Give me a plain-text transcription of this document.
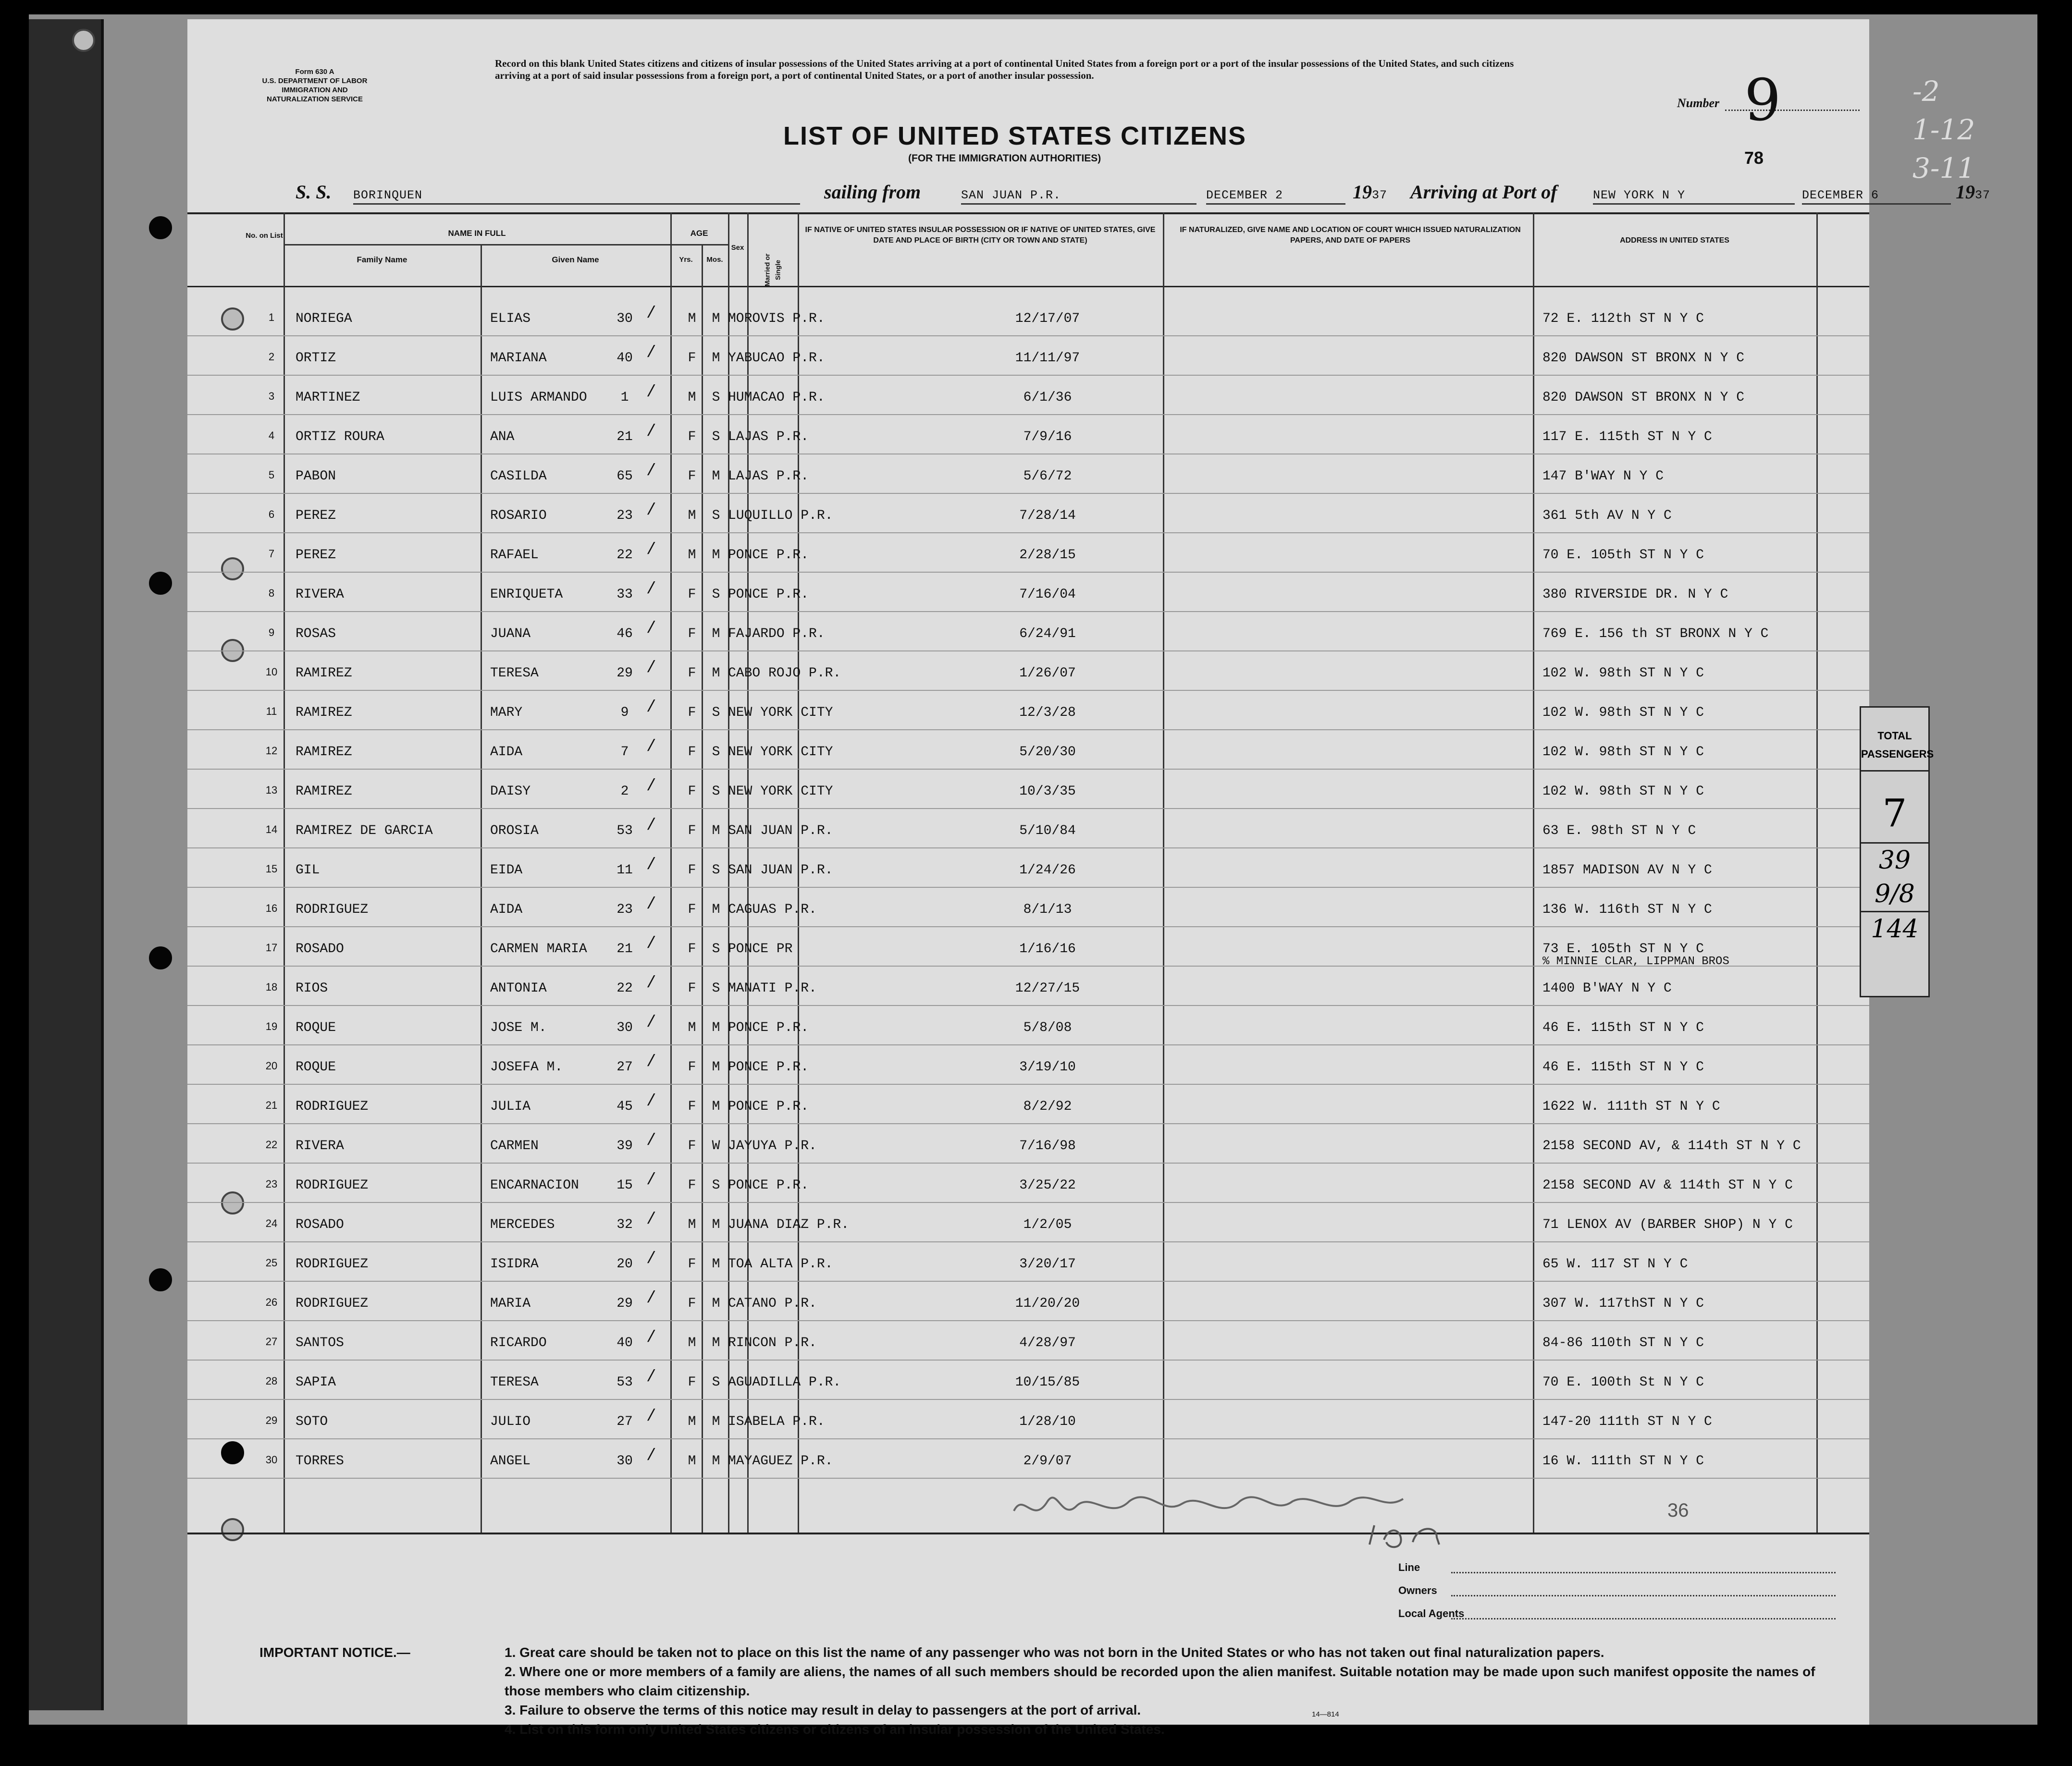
-2
1-12
3-11
Form 630 A
U.S. DEPARTMENT OF LABOR
IMMIGRATION AND
NATURALIZATION SERVICE
Record on this blank United States citizens and citizens of insular possessions of the United States arriving at a port of continental United States from a foreign port or a port of the insular possessions of the United States, and such citizens arriving at a port of said insular possessions from a foreign port, a port of continental United States, or a port of another insular possession.
Number 9
LIST OF UNITED STATES CITIZENS
(FOR THE IMMIGRATION AUTHORITIES)	78
S. S. BORINQUEN	sailing from	SAN JUAN P.R.	DECEMBER 2	1937 Arriving at Port of	NEW YORK N Y	DECEMBER 6	1937
No. on List	NAME IN FULL
Family Name	Given Name
AGE
Yrs.	Mos.
Sex
Married or Single
IF NATIVE OF UNITED STATES INSULAR POSSESSION OR IF NATIVE OF UNITED STATES, GIVE DATE AND PLACE OF BIRTH (CITY OR TOWN AND STATE)
IF NATURALIZED, GIVE NAME AND LOCATION OF COURT WHICH ISSUED NATURALIZATION PAPERS, AND DATE OF PAPERS	ADDRESS IN UNITED STATES
1	NORIEGA	ELIAS	30	M	M MOROVIS P.R.	12/17/07	72 E. 112th ST N Y C
/
2	ORTIZ	MARIANA	40	F	M YABUCAO P.R.	11/11/97	820 DAWSON ST BRONX N Y C
/
3	MARTINEZ	LUIS ARMANDO	1	M	S HUMACAO P.R.	6/1/36	820 DAWSON ST BRONX N Y C
/
4	ORTIZ ROURA	ANA	21	F	S LAJAS P.R.	7/9/16	117 E. 115th ST N Y C
/
5	PABON	CASILDA	65	F	M LAJAS P.R.	5/6/72	147 B'WAY N Y C
/
6	PEREZ	ROSARIO	23	M	S LUQUILLO P.R.	7/28/14	361 5th AV N Y C
/
7	PEREZ	RAFAEL	22	M	M PONCE P.R.	2/28/15	70 E. 105th ST N Y C
/
8	RIVERA	ENRIQUETA	33	F	S PONCE P.R.	7/16/04	380 RIVERSIDE DR. N Y C
/
9	ROSAS	JUANA	46	F	M FAJARDO P.R.	6/24/91	769 E. 156 th ST BRONX N Y C
/
10	RAMIREZ	TERESA	29	F	M CABO ROJO P.R.	1/26/07	102 W. 98th ST N Y C
/
11	RAMIREZ	MARY	9	F	S NEW YORK CITY	12/3/28	102 W. 98th ST N Y C
/
12	RAMIREZ	AIDA	7	F	S NEW YORK CITY	5/20/30	102 W. 98th ST N Y C
/
13	RAMIREZ	DAISY	2	F	S NEW YORK CITY	10/3/35	102 W. 98th ST N Y C
/
14	RAMIREZ DE GARCIA	OROSIA	53	F	M SAN JUAN P.R.	5/10/84	63 E. 98th ST N Y C
/
15	GIL	EIDA	11	F	S SAN JUAN P.R.	1/24/26	1857 MADISON AV N Y C
/
16	RODRIGUEZ	AIDA	23	F	M CAGUAS P.R.	8/1/13	136 W. 116th ST N Y C
/
17	ROSADO	CARMEN MARIA	21	F	S PONCE PR	1/16/16	73 E. 105th ST N Y C
% MINNIE CLAR, LIPPMAN BROS
/
18	RIOS	ANTONIA	22	F	S MANATI P.R.	12/27/15	1400 B'WAY N Y C
/
19	ROQUE	JOSE M.	30	M	M PONCE P.R.	5/8/08	46 E. 115th ST N Y C
/
20	ROQUE	JOSEFA M.	27	F	M PONCE P.R.	3/19/10	46 E. 115th ST N Y C
/
21	RODRIGUEZ	JULIA	45	F	M PONCE P.R.	8/2/92	1622 W. 111th ST N Y C
/
22	RIVERA	CARMEN	39	F	W JAYUYA P.R.	7/16/98	2158 SECOND AV, & 114th ST N Y C
/
23	RODRIGUEZ	ENCARNACION	15	F	S PONCE P.R.	3/25/22	2158 SECOND AV & 114th ST N Y C
/
24	ROSADO	MERCEDES	32	M	M JUANA DIAZ P.R.	1/2/05	71 LENOX AV (BARBER SHOP) N Y C
/
25	RODRIGUEZ	ISIDRA	20	F	M TOA ALTA P.R.	3/20/17	65 W. 117 ST N Y C
/
26	RODRIGUEZ	MARIA	29	F	M CATANO P.R.	11/20/20	307 W. 117thST N Y C
/
27	SANTOS	RICARDO	40	M	M RINCON P.R.	4/28/97	84-86 110th ST N Y C
/
28	SAPIA	TERESA	53	F	S AGUADILLA P.R.	10/15/85	70 E. 100th St N Y C
/
29	SOTO	JULIO	27	M	M ISABELA P.R.	1/28/10	147-20 111th ST N Y C
/
30	TORRES	ANGEL	30	M	M MAYAGUEZ P.R.	2/9/07	16 W. 111th ST N Y C
/
36
H.B. Crandall Insp	12 P.M.
Line
Owners
Local Agents
IMPORTANT NOTICE.—	1. Great care should be taken not to place on this list the name of any passenger who was not born in the United States or who has not taken out final naturalization papers.
2. Where one or more members of a family are aliens, the names of all such members should be recorded upon the alien manifest. Suitable notation may be made upon such manifest opposite the names of those members who claim citizenship.
3. Failure to observe the terms of this notice may result in delay to passengers at the port of arrival.
4. List on this form only United States citizens or citizens of an insular possession of the United States.
14—814
TOTAL
PASSENGERS
7
39
9/8
144
